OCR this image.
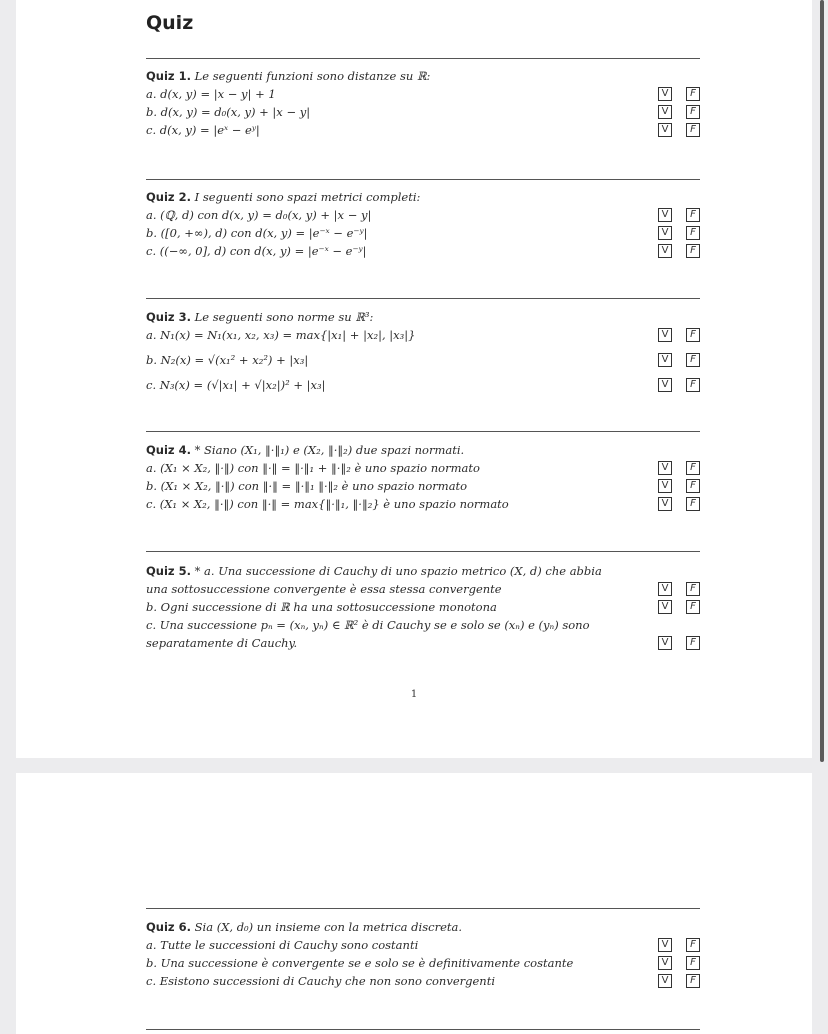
Quiz
Quiz 1. Le seguenti funzioni sono distanze su ℝ:
a. d(x, y) = |x − y| + 1	V	F
b. d(x, y) = d₀(x, y) + |x − y|	V	F
c. d(x, y) = |eˣ − eʸ|	V	F
Quiz 2. I seguenti sono spazi metrici completi:
a. (ℚ, d) con d(x, y) = d₀(x, y) + |x − y|	V	F
b. ([0, +∞), d) con d(x, y) = |e⁻ˣ − e⁻ʸ|	V	F
c. ((−∞, 0], d) con d(x, y) = |e⁻ˣ − e⁻ʸ|	V	F
Quiz 3. Le seguenti sono norme su ℝ³:
a. N₁(x) = N₁(x₁, x₂, x₃) = max{|x₁| + |x₂|, |x₃|}	V	F
b. N₂(x) = √(x₁² + x₂²) + |x₃|	V	F
c. N₃(x) = (√|x₁| + √|x₂|)² + |x₃|	V	F
Quiz 4. * Siano (X₁, ‖·‖₁) e (X₂, ‖·‖₂) due spazi normati.
a. (X₁ × X₂, ‖·‖) con ‖·‖ = ‖·‖₁ + ‖·‖₂ è uno spazio normato	V	F
b. (X₁ × X₂, ‖·‖) con ‖·‖ = ‖·‖₁ ‖·‖₂ è uno spazio normato	V	F
c. (X₁ × X₂, ‖·‖) con ‖·‖ = max{‖·‖₁, ‖·‖₂} è uno spazio normato	V	F
Quiz 5. * a. Una successione di Cauchy di uno spazio metrico (X, d) che abbia
una sottosuccessione convergente è essa stessa convergente	V	F
b. Ogni successione di ℝ ha una sottosuccessione monotona	V	F
c. Una successione pₙ = (xₙ, yₙ) ∈ ℝ² è di Cauchy se e solo se (xₙ) e (yₙ) sono separatamente di Cauchy.	V	F
1
Quiz 6. Sia (X, d₀) un insieme con la metrica discreta.
a. Tutte le successioni di Cauchy sono costanti	V	F
b. Una successione è convergente se e solo se è definitivamente costante	V	F
c. Esistono successioni di Cauchy che non sono convergenti	V	F
